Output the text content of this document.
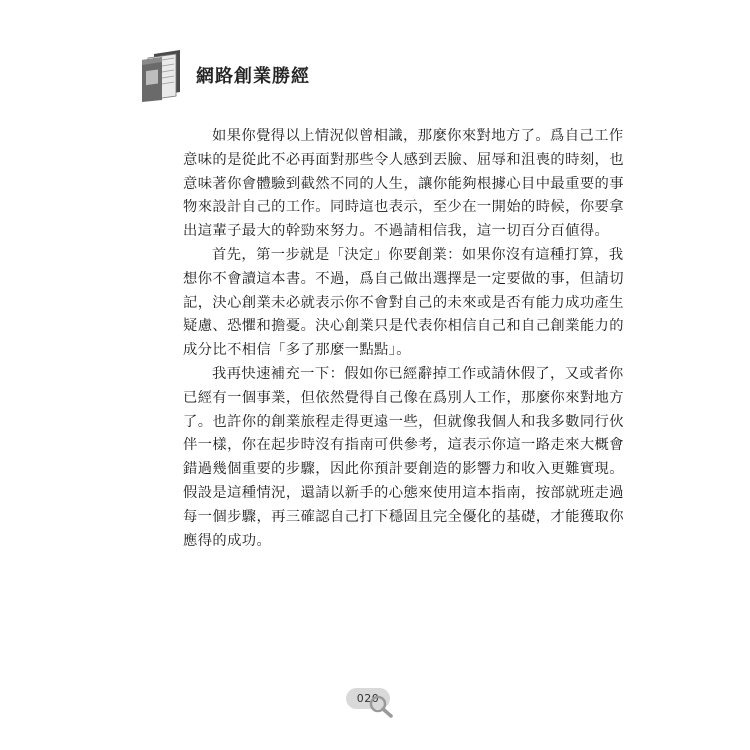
網路創業勝經

如果你覺得以上情況似曾相識，那麼你來對地方了。爲自己工作
意味的是從此不必再面對那些令人感到丟臉、屈辱和沮喪的時刻，也
意味著你會體驗到截然不同的人生，讓你能夠根據心目中最重要的事
物來設計自己的工作。同時這也表示，至少在一開始的時候，你要拿
出這輩子最大的幹勁來努力。不過請相信我，這一切百分百値得。

首先，第一步就是「決定」你要創業：如果你沒有這種打算，我
想你不會讀這本書。不過，爲自己做出選擇是一定要做的事，但請切
記，決心創業未必就表示你不會對自己的未來或是否有能力成功產生
疑慮、恐懼和擔憂。決心創業只是代表你相信自己和自己創業能力的
成分比不相信「多了那麼一點點」。

我再快速補充一下：假如你已經辭掉工作或請休假了，又或者你
已經有一個事業，但依然覺得自己像在爲別人工作，那麼你來對地方
了。也許你的創業旅程走得更遠一些，但就像我個人和我多數同行伙
伴一樣，你在起步時沒有指南可供參考，這表示你這一路走來大概會
錯過幾個重要的步驟，因此你預計要創造的影響力和收入更難實現。
假設是這種情況，還請以新手的心態來使用這本指南，按部就班走過
每一個步驟，再三確認自己打下穩固且完全優化的基礎，才能獲取你
應得的成功。

020
